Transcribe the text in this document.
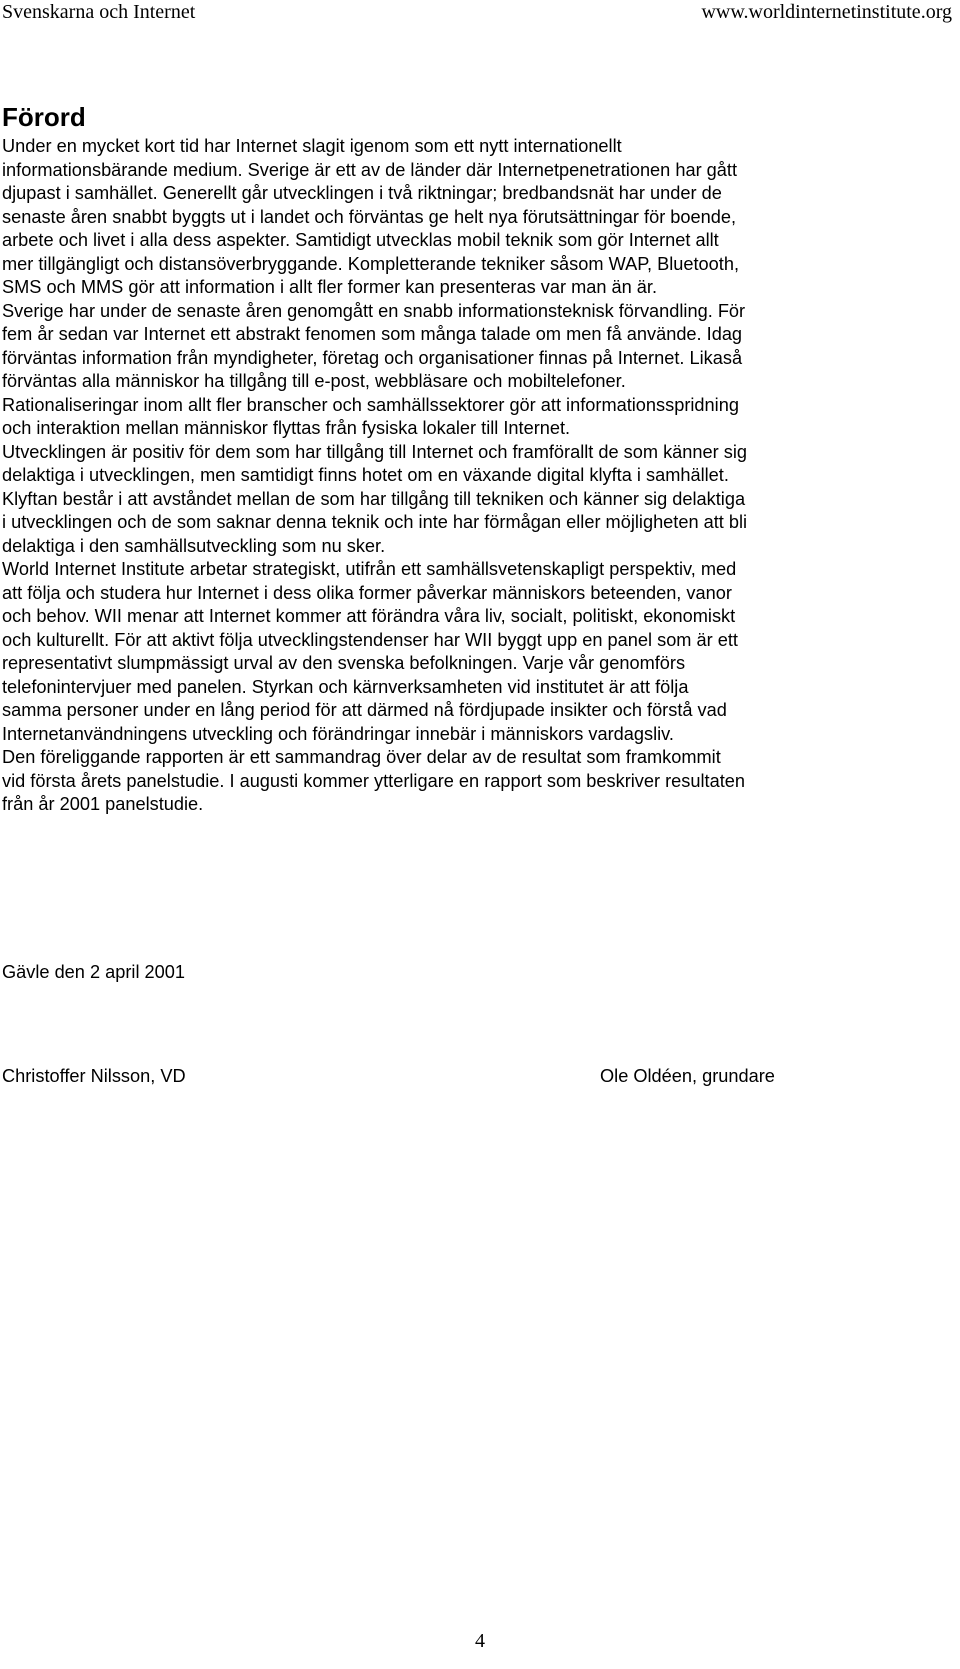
Svenskarna och Internet	www.worldinternetinstitute.org
Förord
Under en mycket kort tid har Internet slagit igenom som ett nytt internationellt
informationsbärande medium. Sverige är ett av de länder där Internetpenetrationen har gått
djupast i samhället. Generellt går utvecklingen i två riktningar; bredbandsnät har under de
senaste åren snabbt byggts ut i landet och förväntas ge helt nya förutsättningar för boende,
arbete och livet i alla dess aspekter. Samtidigt utvecklas mobil teknik som gör Internet allt
mer tillgängligt och distansöverbryggande. Kompletterande tekniker såsom WAP, Bluetooth,
SMS och MMS gör att information i allt fler former kan presenteras var man än är.
Sverige har under de senaste åren genomgått en snabb informationsteknisk förvandling. För
fem år sedan var Internet ett abstrakt fenomen som många talade om men få använde. Idag
förväntas information från myndigheter, företag och organisationer finnas på Internet. Likaså
förväntas alla människor ha tillgång till e-post, webbläsare och mobiltelefoner.
Rationaliseringar inom allt fler branscher och samhällssektorer gör att informationsspridning
och interaktion mellan människor flyttas från fysiska lokaler till Internet.
Utvecklingen är positiv för dem som har tillgång till Internet och framförallt de som känner sig
delaktiga i utvecklingen, men samtidigt finns hotet om en växande digital klyfta i samhället.
Klyftan består i att avståndet mellan de som har tillgång till tekniken och känner sig delaktiga
i utvecklingen och de som saknar denna teknik och inte har förmågan eller möjligheten att bli
delaktiga i den samhällsutveckling som nu sker.
World Internet Institute arbetar strategiskt, utifrån ett samhällsvetenskapligt perspektiv, med
att följa och studera hur Internet i dess olika former påverkar människors beteenden, vanor
och behov. WII menar att Internet kommer att förändra våra liv, socialt, politiskt, ekonomiskt
och kulturellt. För att aktivt följa utvecklingstendenser har WII byggt upp en panel som är ett
representativt slumpmässigt urval av den svenska befolkningen. Varje vår genomförs
telefonintervjuer med panelen. Styrkan och kärnverksamheten vid institutet är att följa
samma personer under en lång period för att därmed nå fördjupade insikter och förstå vad
Internetanvändningens utveckling och förändringar innebär i människors vardagsliv.
Den föreliggande rapporten är ett sammandrag över delar av de resultat som framkommit
vid första årets panelstudie. I augusti kommer ytterligare en rapport som beskriver resultaten
från år 2001 panelstudie.
Gävle den 2 april 2001
Christoffer Nilsson, VD	Ole Oldéen, grundare
4
